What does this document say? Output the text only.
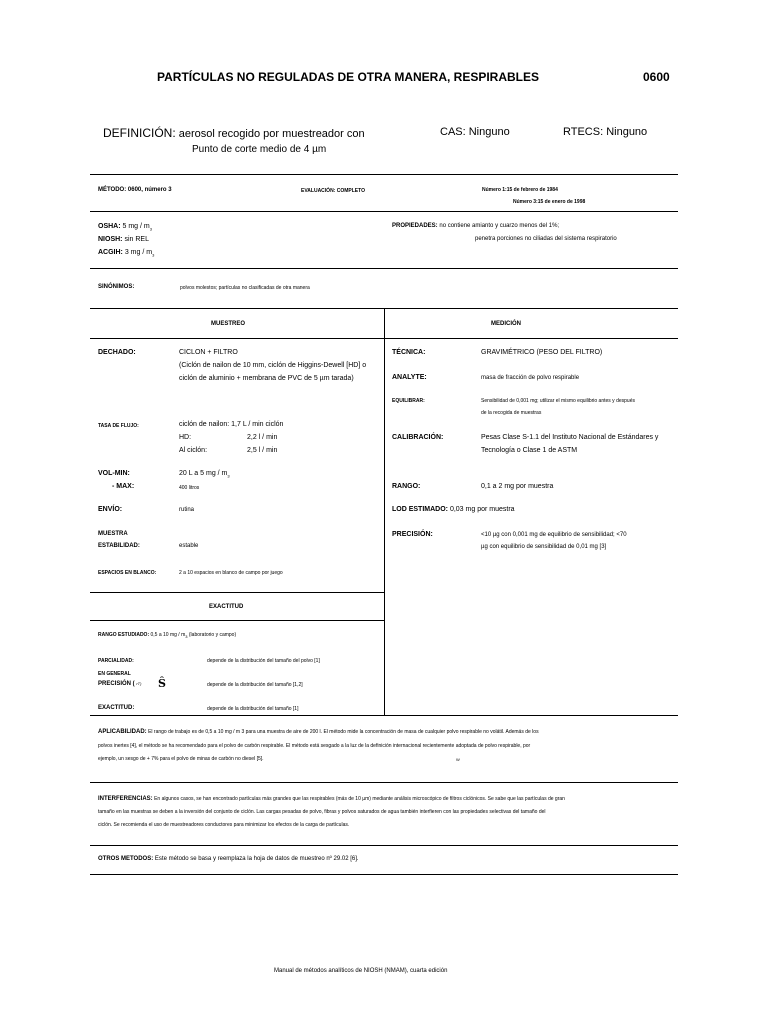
PARTÍCULAS NO REGULADAS DE OTRA MANERA, RESPIRABLES	0600
DEFINICIÓN: aerosol recogido por muestreador con
Punto de corte medio de 4 µm
CAS: Ninguno	RTECS: Ninguno
MÉTODO: 0600, número 3	EVALUACIÓN: COMPLETO	Número 1:15 de febrero de 1984
Número 3:15 de enero de 1998
OSHA: 5 mg / $m_3$
NIOSH: sin REL
ACGIH: 3 mg / $m_3$
PROPIEDADES: no contiene amianto y cuarzo menos del 1%;
penetra porciones no ciliadas del sistema respiratorio
SINÓNIMOS:	polvos molestos; partículas no clasificadas de otra manera
MUESTREO	MEDICIÓN
DECHADO:	CICLON + FILTRO
(Ciclón de nailon de 10 mm, ciclón de Higgins-Dewell [HD] o
ciclón de aluminio + membrana de PVC de 5 µm tarada)
TASA DE FLUJO:	ciclón de nailon: 1,7 L / min ciclón
HD:	2,2 l / min
Al ciclón:	2,5 l / min
VOL-MIN:	20 L a 5 mg / $m_3$
- MAX:	400 litros
ENVÍO:	rutina
MUESTRA
ESTABILIDAD:	estable
ESPACIOS EN BLANCO:	2 a 10 espacios en blanco de campo por juego
EXACTITUD
RANGO ESTUDIADO: 0,5 a 10 mg / $m_3$ (laboratorio y campo)
PARCIALIDAD:	depende de la distribución del tamaño del polvo [1]
EN GENERAL
PRECISIÓN ( rT) Ŝ	depende de la distribución del tamaño [1,2]
EXACTITUD:	depende de la distribución del tamaño [1]
TÉCNICA:	GRAVIMÉTRICO (PESO DEL FILTRO)
ANALYTE:	masa de fracción de polvo respirable
EQUILIBRAR:	Sensibilidad de 0,001 mg; utilizar el mismo equilibrio antes y después
de la recogida de muestras
CALIBRACIÓN:	Pesas Clase S-1.1 del Instituto Nacional de Estándares y
Tecnología o Clase 1 de ASTM
RANGO:	0,1 a 2 mg por muestra
LOD ESTIMADO: 0,03 mg por muestra
PRECISIÓN:	<10 µg con 0,001 mg de equilibrio de sensibilidad; <70
µg con equilibrio de sensibilidad de 0,01 mg [3]
APLICABILIDAD: El rango de trabajo es de 0,5 a 10 mg / m 3 para una muestra de aire de 200 l. El método mide la concentración de masa de cualquier polvo respirable no volátil. Además de los
polvos inertes [4], el método se ha recomendado para el polvo de carbón respirable. El método está sesgado a la luz de la definición internacional recientemente adoptada de polvo respirable, por
ejemplo, un sesgo de + 7% para el polvo de minas de carbón no diesel [5].	W
INTERFERENCIAS: En algunos casos, se han encontrado partículas más grandes que las respirables (más de 10 µm) mediante análisis microscópico de filtros ciclónicos. Se sabe que las partículas de gran
tamaño en las muestras se deben a la inversión del conjunto de ciclón. Las cargas pesadas de polvo, fibras y polvos saturados de agua también interfieren con las propiedades selectivas del tamaño del
ciclón. Se recomienda el uso de muestreadores conductores para minimizar los efectos de la carga de partículas.
OTROS METODOS: Este método se basa y reemplaza la hoja de datos de muestreo nº 29.02 [6].
Manual de métodos analíticos de NIOSH (NMAM), cuarta edición
